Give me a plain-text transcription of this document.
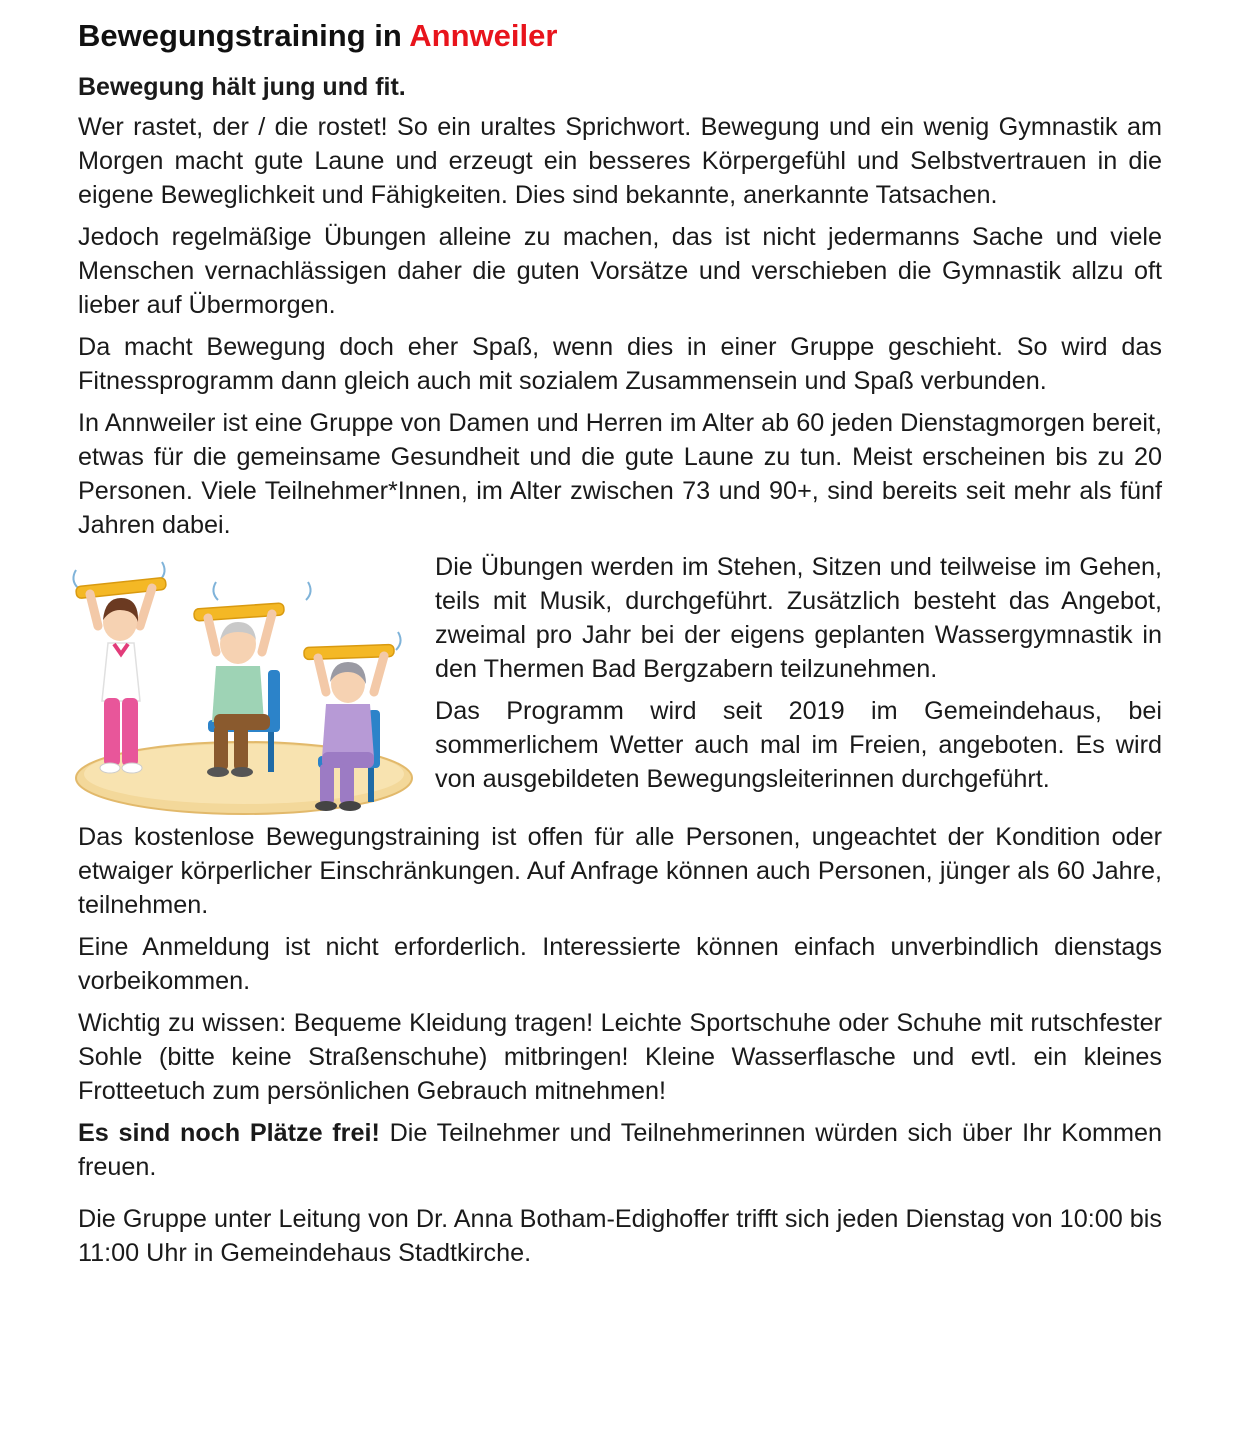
Bewegungstraining in Annweiler
Bewegung hält jung und fit.

Wer rastet, der / die rostet! So ein uraltes Sprichwort. Bewegung und ein wenig Gymnastik am Morgen macht gute Laune und erzeugt ein besseres Körpergefühl und Selbstvertrauen in die eigene Beweglichkeit und Fähigkeiten. Dies sind bekannte, anerkannte Tatsachen.

Jedoch regelmäßige Übungen alleine zu machen, das ist nicht jedermanns Sache und viele Menschen vernachlässigen daher die guten Vorsätze und verschieben die Gymnastik allzu oft lieber auf Übermorgen.

Da macht Bewegung doch eher Spaß, wenn dies in einer Gruppe geschieht. So wird das Fitnessprogramm dann gleich auch mit sozialem Zusammensein und Spaß verbunden.

In Annweiler ist eine Gruppe von Damen und Herren im Alter ab 60 jeden Dienstagmorgen bereit, etwas für die gemeinsame Gesundheit und die gute Laune zu tun. Meist erscheinen bis zu 20 Personen. Viele Teilnehmer*Innen, im Alter zwischen 73 und 90+, sind bereits seit mehr als fünf Jahren dabei.

Die Übungen werden im Stehen, Sitzen und teilweise im Gehen, teils mit Musik, durchgeführt. Zusätzlich besteht das Angebot, zweimal pro Jahr bei der eigens geplanten Wassergymnastik in den Thermen Bad Bergzabern teilzunehmen.

Das Programm wird seit 2019 im Gemeindehaus, bei sommerlichem Wetter auch mal im Freien, angeboten. Es wird von ausgebildeten Bewegungsleiterinnen durchgeführt.

Das kostenlose Bewegungstraining ist offen für alle Personen, ungeachtet der Kondition oder etwaiger körperlicher Einschränkungen. Auf Anfrage können auch Personen, jünger als 60 Jahre, teilnehmen.

Eine Anmeldung ist nicht erforderlich. Interessierte können einfach unverbindlich dienstags vorbeikommen.

Wichtig zu wissen: Bequeme Kleidung tragen! Leichte Sportschuhe oder Schuhe mit rutschfester Sohle (bitte keine Straßenschuhe) mitbringen! Kleine Wasserflasche und evtl. ein kleines Frotteetuch zum persönlichen Gebrauch mitnehmen!

Es sind noch Plätze frei! Die Teilnehmer und Teilnehmerinnen würden sich über Ihr Kommen freuen.

Die Gruppe unter Leitung von Dr. Anna Botham-Edighoffer trifft sich jeden Dienstag von 10:00 bis 11:00 Uhr in Gemeindehaus Stadtkirche.
